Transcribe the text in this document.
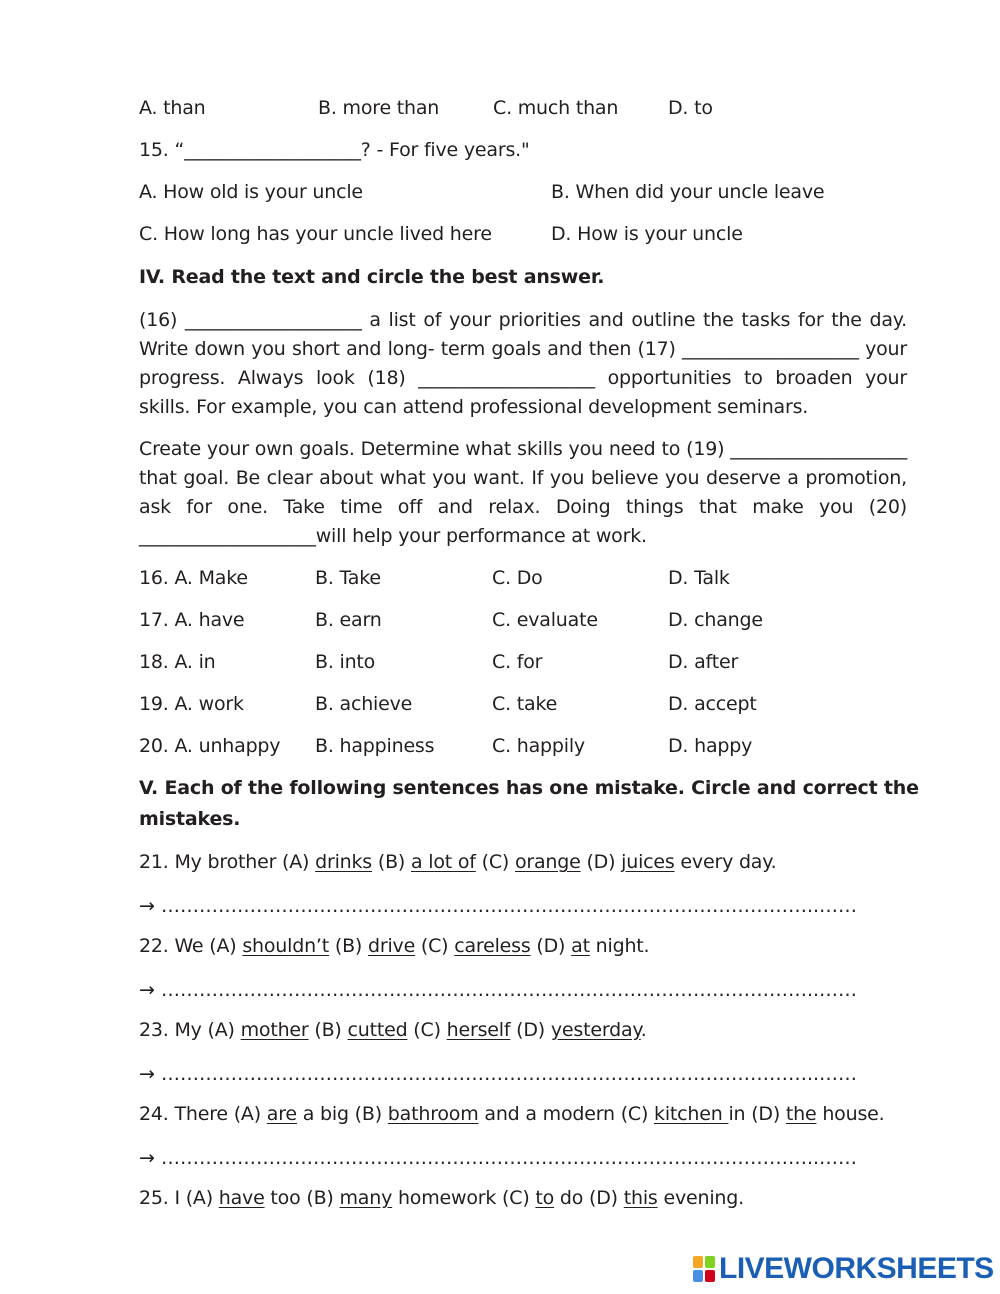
A. than	B. more than	C. much than	D. to
15. “___________________? - For five years."
A. How old is your uncle	B. When did your uncle leave
C. How long has your uncle lived here	D. How is your uncle
IV. Read the text and circle the best answer.
(16) ___________________ a list of your priorities and outline the tasks for the day. Write down you short and long- term goals and then (17) ___________________ your progress. Always look (18) ___________________ opportunities to broaden your skills. For example, you can attend professional development seminars.
Create your own goals. Determine what skills you need to (19) ___________________ that goal. Be clear about what you want. If you believe you deserve a promotion, ask for one. Take time off and relax. Doing things that make you (20) ___________________will help your performance at work.
16. A. Make	B. Take	C. Do	D. Talk
17. A. have	B. earn	C. evaluate	D. change
18. A. in	B. into	C. for	D. after
19. A. work	B. achieve	C. take	D. accept
20. A. unhappy B. happiness	C. happily	D. happy
V. Each of the following sentences has one mistake. Circle and correct the
mistakes.
21. My brother (A) drinks (B) a lot of (C) orange (D) juices every day.
→ …………………………………………………………………………………………..……
22. We (A) shouldn’t (B) drive (C) careless (D) at night.
→ …………………………………………………………………………………………..……
23. My (A) mother (B) cutted (C) herself (D) yesterday.
→ …………………………………………………………………………………………..……
24. There (A) are a big (B) bathroom and a modern (C) kitchen in (D) the house.
→ …………………………………………………………………………………………..……
25. I (A) have too (B) many homework (C) to do (D) this evening.
LIVEWORKSHEETS
